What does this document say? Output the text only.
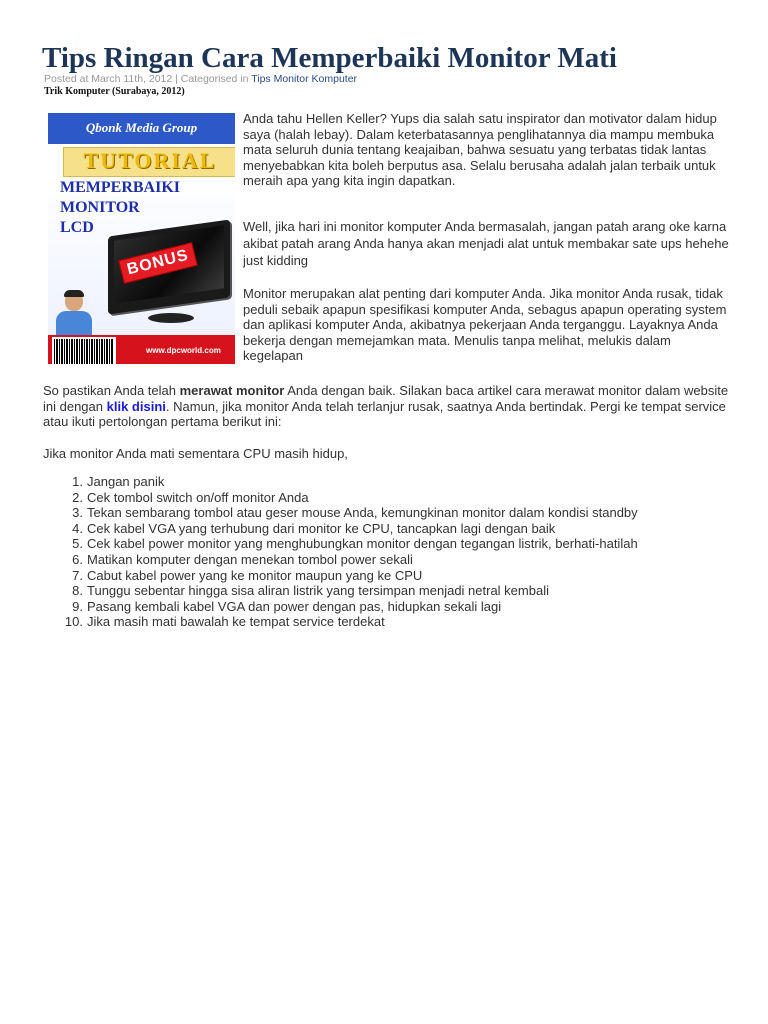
Tips Ringan Cara Memperbaiki Monitor Mati
Posted at March 11th, 2012 | Categorised in Tips Monitor Komputer
Trik Komputer (Surabaya, 2012)
Qbonk Media Group
TUTORIAL
MEMPERBAIKI
MONITOR
LCD
BONUS
www.dpcworld.com

Anda tahu Hellen Keller? Yups dia salah satu inspirator dan motivator dalam hidup saya (halah lebay). Dalam keterbatasannya penglihatannya dia mampu membuka mata seluruh dunia tentang keajaiban, bahwa sesuatu yang terbatas tidak lantas menyebabkan kita boleh berputus asa. Selalu berusaha adalah jalan terbaik untuk meraih apa yang kita ingin dapatkan.

Well, jika hari ini monitor komputer Anda bermasalah, jangan patah arang oke karna akibat patah arang Anda hanya akan menjadi alat untuk membakar sate ups hehehe just kidding

Monitor merupakan alat penting dari komputer Anda. Jika monitor Anda rusak, tidak peduli sebaik apapun spesifikasi komputer Anda, sebagus apapun operating system dan aplikasi komputer Anda, akibatnya pekerjaan Anda terganggu. Layaknya Anda bekerja dengan memejamkan mata. Menulis tanpa melihat, melukis dalam kegelapan

So pastikan Anda telah merawat monitor Anda dengan baik. Silakan baca artikel cara merawat monitor dalam website ini dengan klik disini. Namun, jika monitor Anda telah terlanjur rusak, saatnya Anda bertindak. Pergi ke tempat service atau ikuti pertolongan pertama berikut ini:

Jika monitor Anda mati sementara CPU masih hidup,

1. Jangan panik
2. Cek tombol switch on/off monitor Anda
3. Tekan sembarang tombol atau geser mouse Anda, kemungkinan monitor dalam kondisi standby
4. Cek kabel VGA yang terhubung dari monitor ke CPU, tancapkan lagi dengan baik
5. Cek kabel power monitor yang menghubungkan monitor dengan tegangan listrik, berhati-hatilah
6. Matikan komputer dengan menekan tombol power sekali
7. Cabut kabel power yang ke monitor maupun yang ke CPU
8. Tunggu sebentar hingga sisa aliran listrik yang tersimpan menjadi netral kembali
9. Pasang kembali kabel VGA dan power dengan pas, hidupkan sekali lagi
10. Jika masih mati bawalah ke tempat service terdekat
